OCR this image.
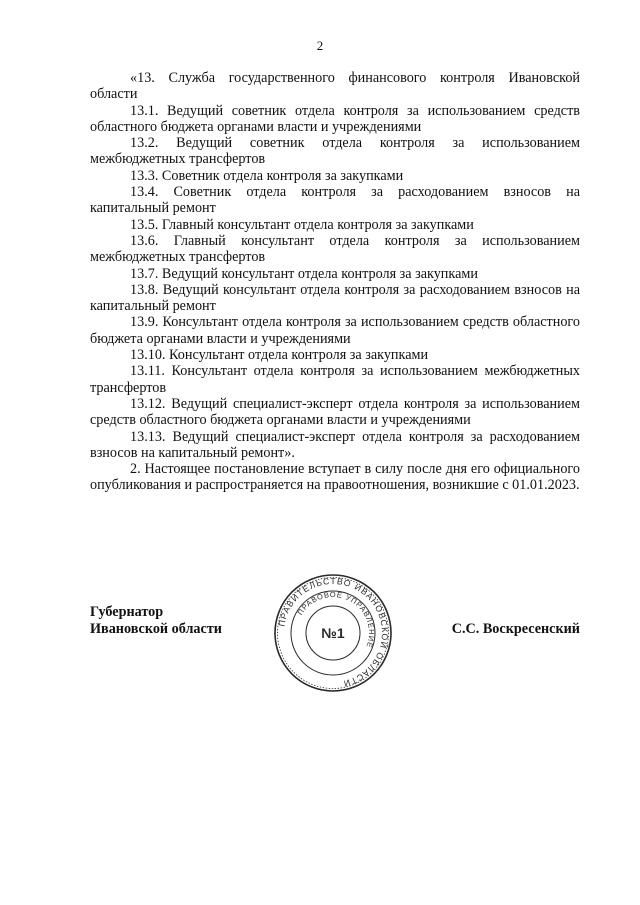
2

«13. Служба государственного финансового контроля Ивановской области

13.1. Ведущий советник отдела контроля за использованием средств областного бюджета органами власти и учреждениями

13.2. Ведущий советник отдела контроля за использованием межбюджетных трансфертов

13.3. Советник отдела контроля за закупками

13.4. Советник отдела контроля за расходованием взносов на капитальный ремонт

13.5. Главный консультант отдела контроля за закупками

13.6. Главный консультант отдела контроля за использованием межбюджетных трансфертов

13.7. Ведущий консультант отдела контроля за закупками

13.8. Ведущий консультант отдела контроля за расходованием взносов на капитальный ремонт

13.9. Консультант отдела контроля за использованием средств областного бюджета органами власти и учреждениями

13.10. Консультант отдела контроля за закупками

13.11. Консультант отдела контроля за использованием межбюджетных трансфертов

13.12. Ведущий специалист-эксперт отдела контроля за использованием средств областного бюджета органами власти и учреждениями

13.13. Ведущий специалист-эксперт отдела контроля за расходованием взносов на капитальный ремонт».

2. Настоящее постановление вступает в силу после дня его официального опубликования и распространяется на правоотношения, возникшие с 01.01.2023.

Губернатор
Ивановской области	ПРАВИТЕЛЬСТВО ИВАНОВСКОЙ ОБЛАСТИ
ПРАВОВОЕ УПРАВЛЕНИЕ
№1	С.С. Воскресенский
